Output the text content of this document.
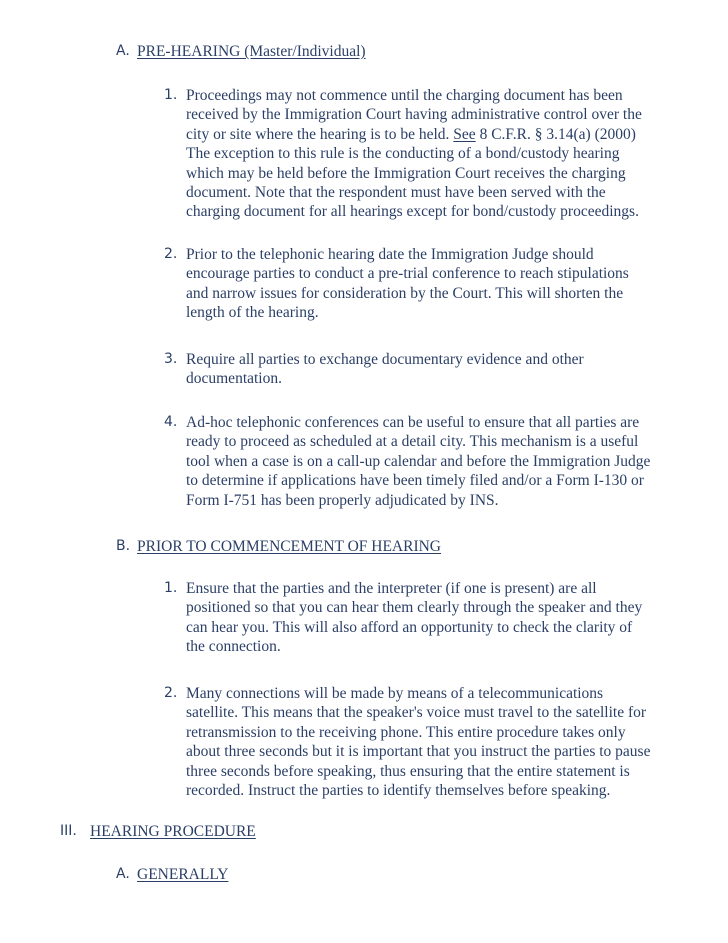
A. PRE-HEARING (Master/Individual)
1. Proceedings may not commence until the charging document has been
received by the Immigration Court having administrative control over the
city or site where the hearing is to be held. See 8 C.F.R. § 3.14(a) (2000)
The exception to this rule is the conducting of a bond/custody hearing
which may be held before the Immigration Court receives the charging
document. Note that the respondent must have been served with the
charging document for all hearings except for bond/custody proceedings.
2. Prior to the telephonic hearing date the Immigration Judge should
encourage parties to conduct a pre-trial conference to reach stipulations
and narrow issues for consideration by the Court. This will shorten the
length of the hearing.
3. Require all parties to exchange documentary evidence and other
documentation.
4. Ad-hoc telephonic conferences can be useful to ensure that all parties are
ready to proceed as scheduled at a detail city. This mechanism is a useful
tool when a case is on a call-up calendar and before the Immigration Judge
to determine if applications have been timely filed and/or a Form I-130 or
Form I-751 has been properly adjudicated by INS.
B. PRIOR TO COMMENCEMENT OF HEARING
1. Ensure that the parties and the interpreter (if one is present) are all
positioned so that you can hear them clearly through the speaker and they
can hear you. This will also afford an opportunity to check the clarity of
the connection.
2. Many connections will be made by means of a telecommunications
satellite. This means that the speaker's voice must travel to the satellite for
retransmission to the receiving phone. This entire procedure takes only
about three seconds but it is important that you instruct the parties to pause
three seconds before speaking, thus ensuring that the entire statement is
recorded. Instruct the parties to identify themselves before speaking.
III. HEARING PROCEDURE
A. GENERALLY
